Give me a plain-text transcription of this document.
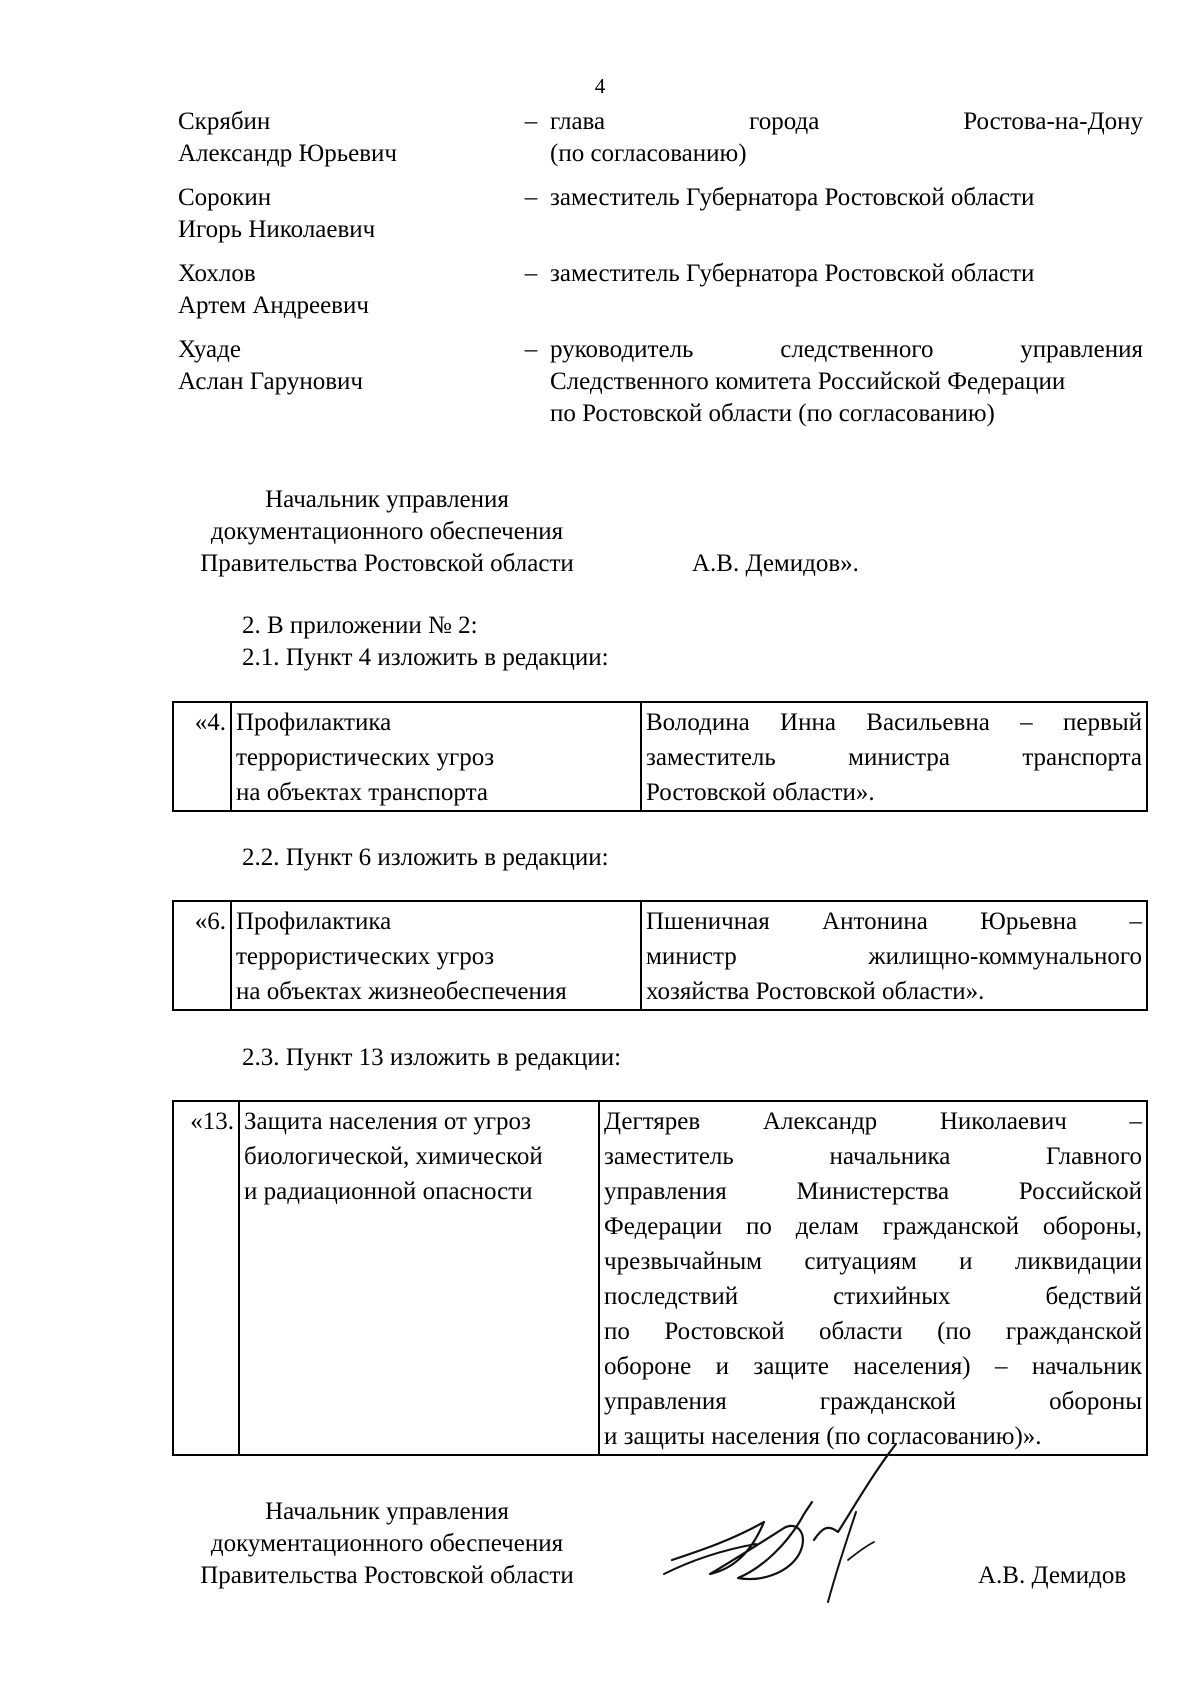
4
Скрябин
Александр Юрьевич
– глава города Ростова-на-Дону
(по согласованию)
Сорокин
Игорь Николаевич
– заместитель Губернатора Ростовской области
Хохлов
Артем Андреевич
– заместитель Губернатора Ростовской области
Хуаде
Аслан Гарунович
– руководитель следственного управления
Следственного комитета Российской Федерации
по Ростовской области (по согласованию)
Начальник управления
документационного обеспечения
Правительства Ростовской области	А.В. Демидов».
2. В приложении № 2:
2.1. Пункт 4 изложить в редакции:
«4.	Профилактика
террористических угроз
на объектах транспорта

Володина Инна Васильевна – первый
заместитель министра транспорта
Ростовской области».
2.2. Пункт 6 изложить в редакции:
«6.	Профилактика
террористических угроз
на объектах жизнеобеспечения

Пшеничная Антонина Юрьевна –
министр жилищно-коммунального
хозяйства Ростовской области».
2.3. Пункт 13 изложить в редакции:
«13.	Защита населения от угроз
биологической, химической
и радиационной опасности

Дегтярев Александр Николаевич –
заместитель начальника Главного
управления Министерства Российской
Федерации по делам гражданской обороны,
чрезвычайным ситуациям и ликвидации
последствий стихийных бедствий
по Ростовской области (по гражданской
обороне и защите населения) – начальник
управления гражданской обороны
и защиты населения (по согласованию)».
Начальник управления
документационного обеспечения
Правительства Ростовской области	А.В. Демидов
